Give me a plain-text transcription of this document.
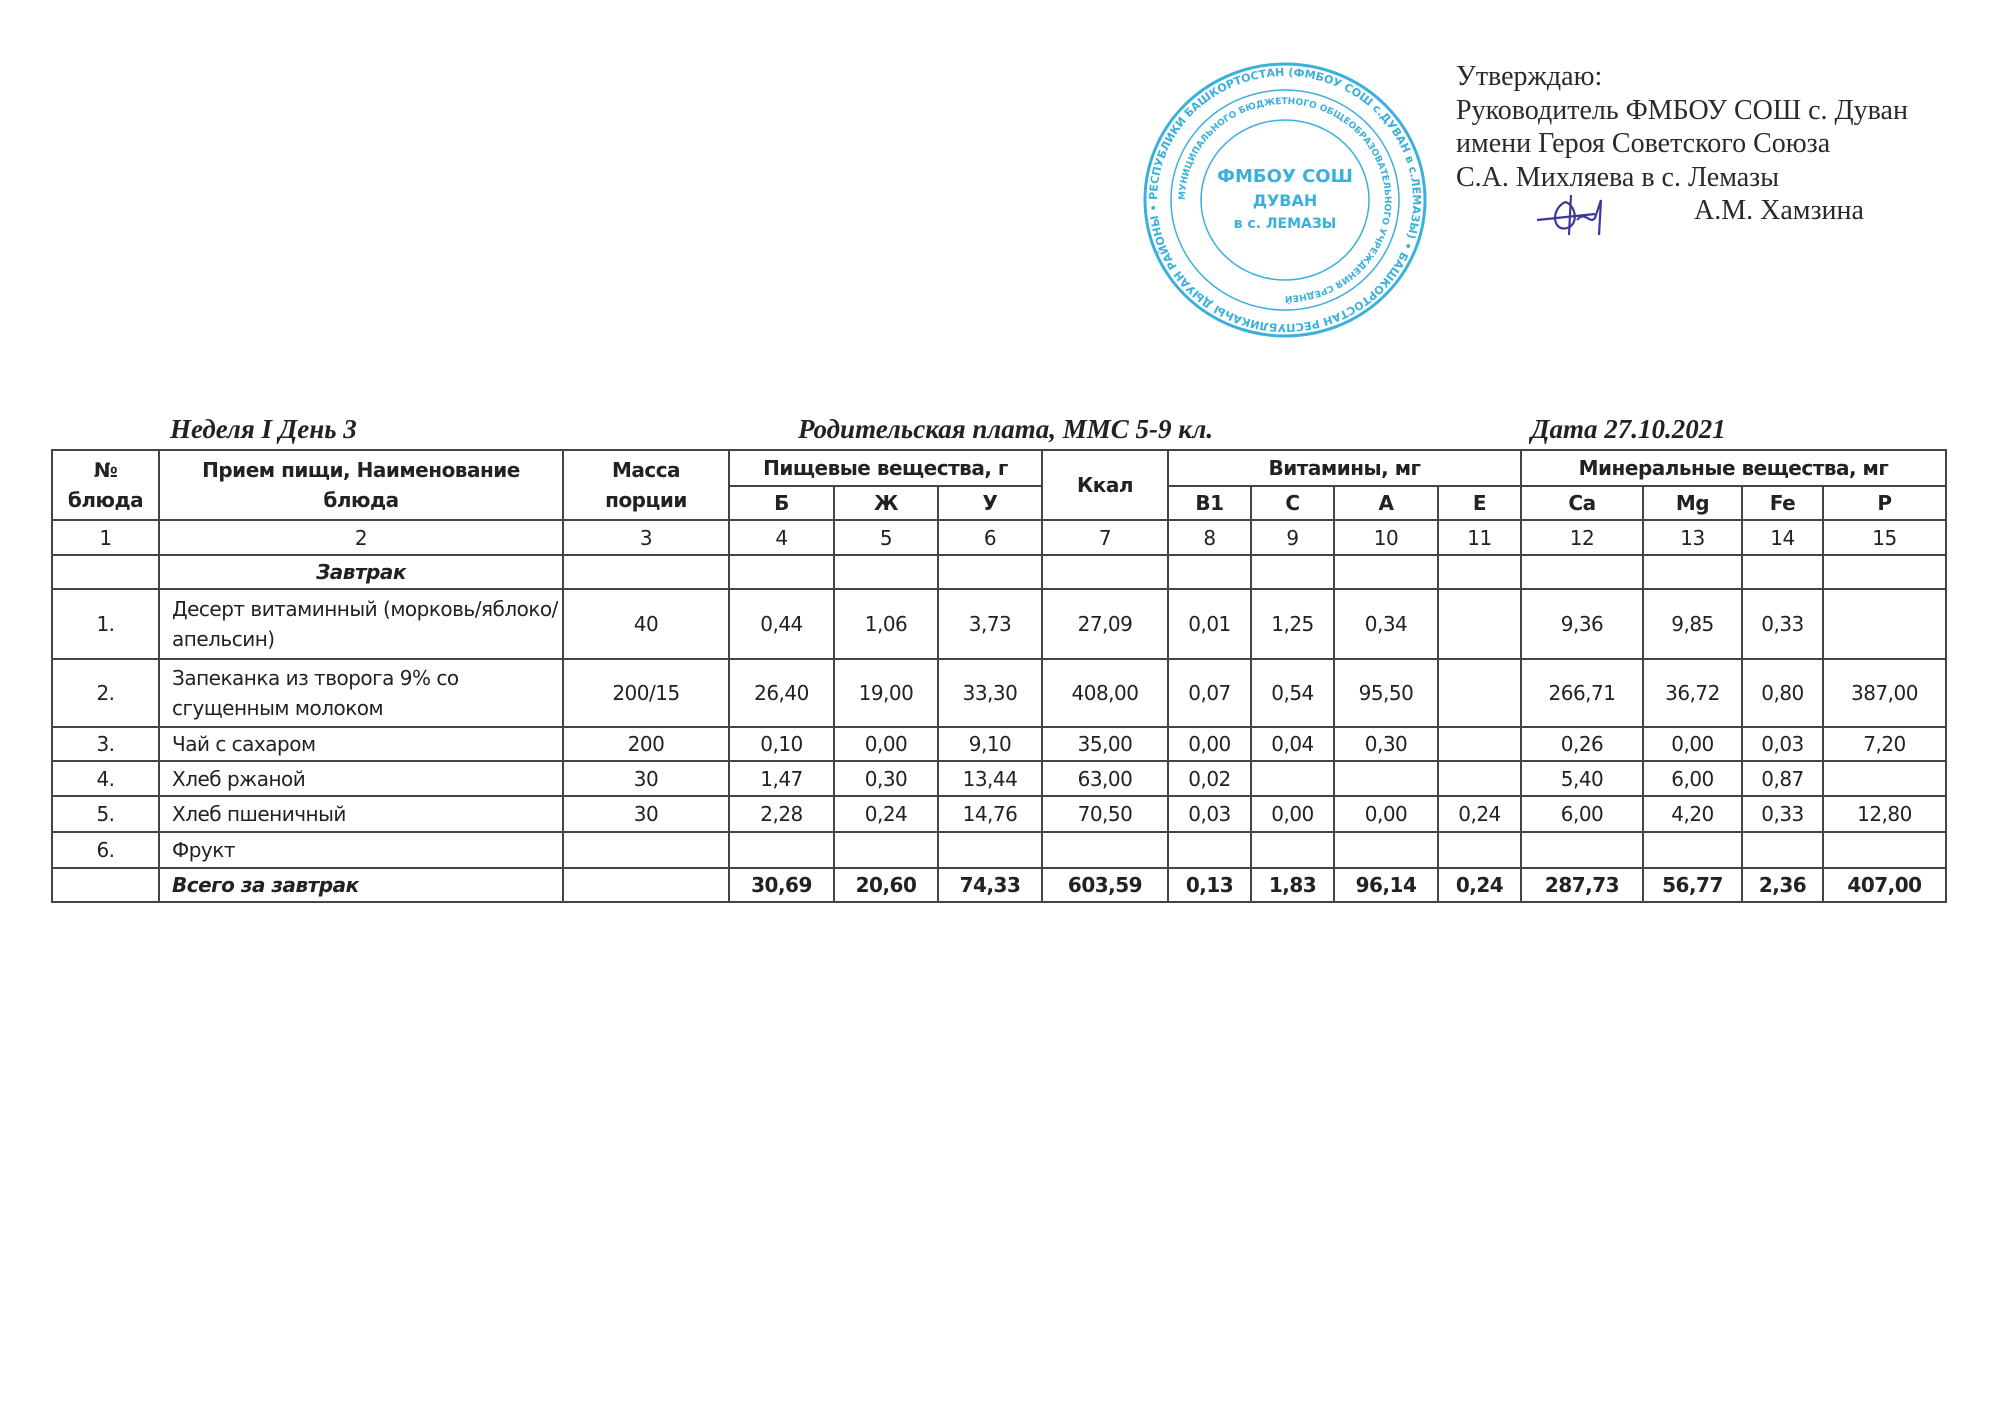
Утверждаю:
Руководитель ФМБОУ СОШ с. Дуван
имени Героя Советского Союза
С.А. Михляева в с. Лемазы
А.М. Хамзина
РЕСПУБЛИКИ БАШКОРТОСТАН (ФМБОУ СОШ с.ДУВАН в с.ЛЕМАЗЫ) • БАШКОРТОСТАН РЕСПУБЛИКАҺЫ ДЫУАН РАЙОНЫ •
МУНИЦИПАЛЬНОГО БЮДЖЕТНОГО ОБЩЕОБРАЗОВАТЕЛЬНОГО УЧРЕЖДЕНИЯ СРЕДНЕЙ
ФМБОУ СОШ
ДУВАН
в с. ЛЕМАЗЫ
Неделя I День 3	Родительская плата, ММС 5-9 кл.	Дата 27.10.2021
№ блюда	Прием пищи, Наименование блюда	Масса порции	Пищевые вещества, г			Ккал	Витамины, мг				Минеральные вещества, мг			
			Б	Ж	У		В1	С	А	Е	Ca	Mg	Fe	P
1	2	3	4	5	6	7	8	9	10	11	12	13	14	15
	Завтрак													
1.	Десерт витаминный (морковь/яблоко/апельсин)	40	0,44	1,06	3,73	27,09	0,01	1,25	0,34		9,36	9,85	0,33	
2.	Запеканка из творога 9% со сгущенным молоком	200/15	26,40	19,00	33,30	408,00	0,07	0,54	95,50		266,71	36,72	0,80	387,00
3.	Чай с сахаром	200	0,10	0,00	9,10	35,00	0,00	0,04	0,30		0,26	0,00	0,03	7,20
4.	Хлеб ржаной	30	1,47	0,30	13,44	63,00	0,02				5,40	6,00	0,87	
5.	Хлеб пшеничный	30	2,28	0,24	14,76	70,50	0,03	0,00	0,00	0,24	6,00	4,20	0,33	12,80
6.	Фрукт													
	Всего за завтрак		30,69	20,60	74,33	603,59	0,13	1,83	96,14	0,24	287,73	56,77	2,36	407,00
